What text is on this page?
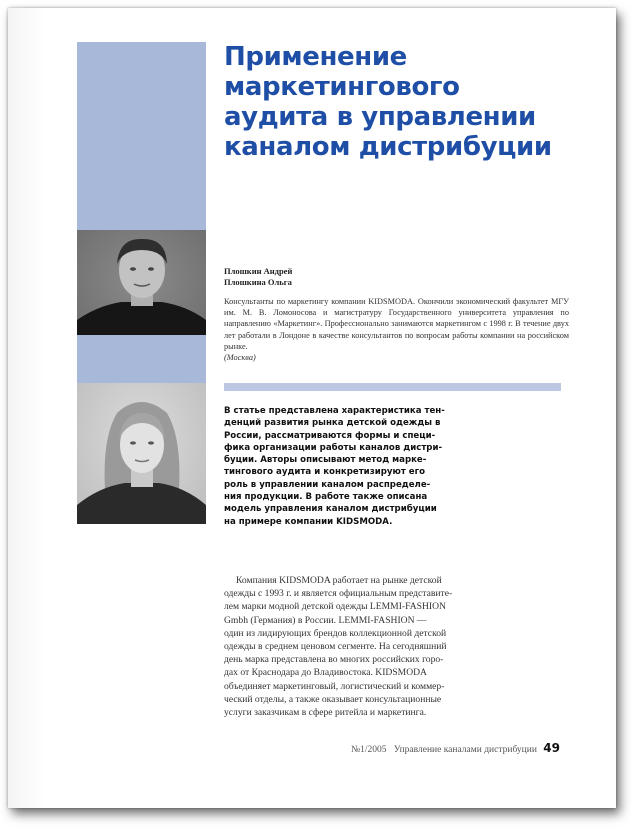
Применение маркетингового аудита в управлении каналом дистрибуции
Плошкин Андрей
Плошкина Ольга
Консультанты по маркетингу компании KIDSMODA. Окончили экономический факультет МГУ им. М. В. Ломоносова и магистратуру Государственного университета управления по направлению «Маркетинг». Профессионально занимаются маркетингом с 1998 г. В течение двух лет работали в Лондоне в качестве консультантов по вопросам работы компании на российском рынке.
(Москва)
В статье представлена характеристика тен-
денций развития рынка детской одежды в
России, рассматриваются формы и специ-
фика организации работы каналов дистри-
буции. Авторы описывают метод марке-
тингового аудита и конкретизируют его
роль в управлении каналом распределе-
ния продукции. В работе также описана
модель управления каналом дистрибуции
на примере компании KIDSMODA.
Компания KIDSMODA работает на рынке детской
одежды с 1993 г. и является официальным представите-
лем марки модной детской одежды LEMMI-FASHION
Gmbh (Германия) в России. LEMMI-FASHION —
один из лидирующих брендов коллекционной детской
одежды в среднем ценовом сегменте. На сегодняшний
день марка представлена во многих российских горо-
дах от Краснодара до Владивостока. KIDSMODA
объединяет маркетинговый, логистический и коммер-
ческий отделы, а также оказывает консультационные
услуги заказчикам в сфере ритейла и маркетинга.
№1/2005 Управление каналами дистрибуции 49
